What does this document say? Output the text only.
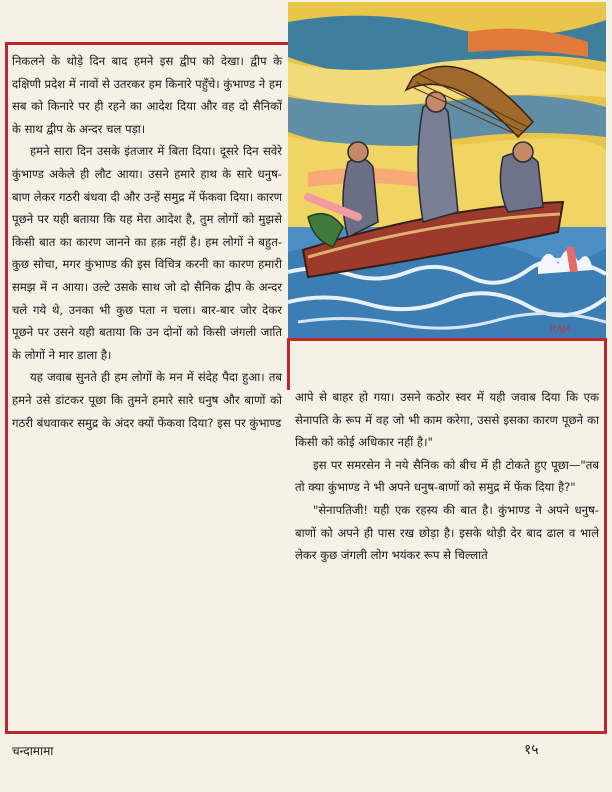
RAJA

निकलने के थोड़े दिन बाद हमने इस द्वीप को देखा। द्वीप के दक्षिणी प्रदेश में नावों से उतरकर हम किनारे पहुँचे। कुंभाण्ड ने हम सब को किनारे पर ही रहने का आदेश दिया और वह दो सैनिकों के साथ द्वीप के अन्दर चल पड़ा।

हमने सारा दिन उसके इंतजार में बिता दिया। दूसरे दिन सवेरे कुंभाण्ड अकेले ही लौट आया। उसने हमारे हाथ के सारे धनुष-बाण लेकर गठरी बंधवा दी और उन्हें समुद्र में फेंकवा दिया। कारण पूछने पर यही बताया कि यह मेरा आदेश है, तुम लोगों को मुझसे किसी बात का कारण जानने का हक़ नहीं है। हम लोगों ने बहुत-कुछ सोचा, मगर कुंभाण्ड की इस विचित्र करनी का कारण हमारी समझ में न आया। उल्टे उसके साथ जो दो सैनिक द्वीप के अन्दर चले गये थे, उनका भी कुछ पता न चला। बार-बार जोर देकर पूछने पर उसने यही बताया कि उन दोनों को किसी जंगली जाति के लोगों ने मार डाला है।

यह जवाब सुनते ही हम लोगों के मन में संदेह पैदा हुआ। तब हमने उसे डांटकर पूछा कि तुमने हमारे सारे धनुष और बाणों को गठरी बंधवाकर समुद्र के अंदर क्यों फेंकवा दिया? इस पर कुंभाण्ड

आपे से बाहर हो गया। उसने कठोर स्वर में यही जवाब दिया कि एक सेनापति के रूप में वह जो भी काम करेगा, उससे इसका कारण पूछने का किसी को कोई अधिकार नहीं है।"

इस पर समरसेन ने नये सैनिक को बीच में ही टोकते हुए पूछा—"तब तो क्या कुंभाण्ड ने भी अपने धनुष-बाणों को समुद्र में फेंक दिया है?"

"सेनापतिजी! यही एक रहस्य की बात है। कुंभाण्ड ने अपने धनुष-बाणों को अपने ही पास रख छोड़ा है। इसके थोड़ी देर बाद ढाल व भाले लेकर कुछ जंगली लोग भयंकर रूप से चिल्लाते

चन्दामामा	१५
